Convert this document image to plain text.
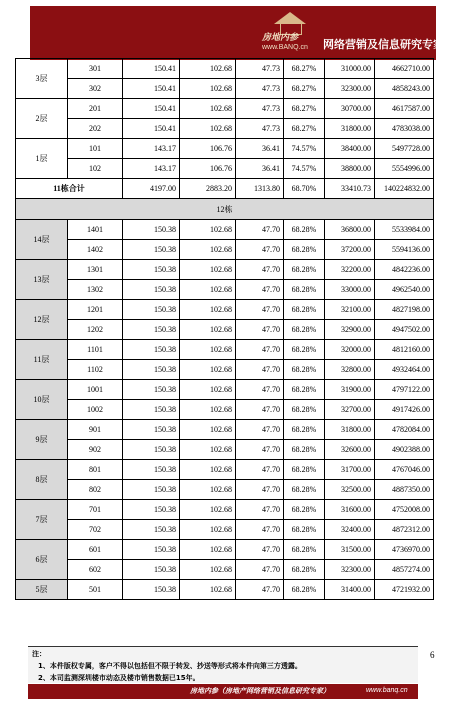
房地内参
www.BANQ.cn 网络营销及信息研究专家
3层	301	150.41	102.68	47.73	68.27%	31000.00	4662710.00
	302	150.41	102.68	47.73	68.27%	32300.00	4858243.00
2层	201	150.41	102.68	47.73	68.27%	30700.00	4617587.00
	202	150.41	102.68	47.73	68.27%	31800.00	4783038.00
1层	101	143.17	106.76	36.41	74.57%	38400.00	5497728.00
	102	143.17	106.76	36.41	74.57%	38800.00	5554996.00
11栋合计		4197.00	2883.20	1313.80	68.70%	33410.73	140224832.00
12栋							
14层	1401	150.38	102.68	47.70	68.28%	36800.00	5533984.00
	1402	150.38	102.68	47.70	68.28%	37200.00	5594136.00
13层	1301	150.38	102.68	47.70	68.28%	32200.00	4842236.00
	1302	150.38	102.68	47.70	68.28%	33000.00	4962540.00
12层	1201	150.38	102.68	47.70	68.28%	32100.00	4827198.00
	1202	150.38	102.68	47.70	68.28%	32900.00	4947502.00
11层	1101	150.38	102.68	47.70	68.28%	32000.00	4812160.00
	1102	150.38	102.68	47.70	68.28%	32800.00	4932464.00
10层	1001	150.38	102.68	47.70	68.28%	31900.00	4797122.00
	1002	150.38	102.68	47.70	68.28%	32700.00	4917426.00
9层	901	150.38	102.68	47.70	68.28%	31800.00	4782084.00
	902	150.38	102.68	47.70	68.28%	32600.00	4902388.00
8层	801	150.38	102.68	47.70	68.28%	31700.00	4767046.00
	802	150.38	102.68	47.70	68.28%	32500.00	4887350.00
7层	701	150.38	102.68	47.70	68.28%	31600.00	4752008.00
	702	150.38	102.68	47.70	68.28%	32400.00	4872312.00
6层	601	150.38	102.68	47.70	68.28%	31500.00	4736970.00
	602	150.38	102.68	47.70	68.28%	32300.00	4857274.00
5层	501	150.38	102.68	47.70	68.28%	31400.00	4721932.00
注：
1、本件版权专属，客户不得以包括但不限于转发、抄送等形式将本件向第三方透露。
2、本司监测深圳楼市动态及楼市销售数据已15年。
6
房地内参（房地产网络营销及信息研究专家）	www.banq.cn
